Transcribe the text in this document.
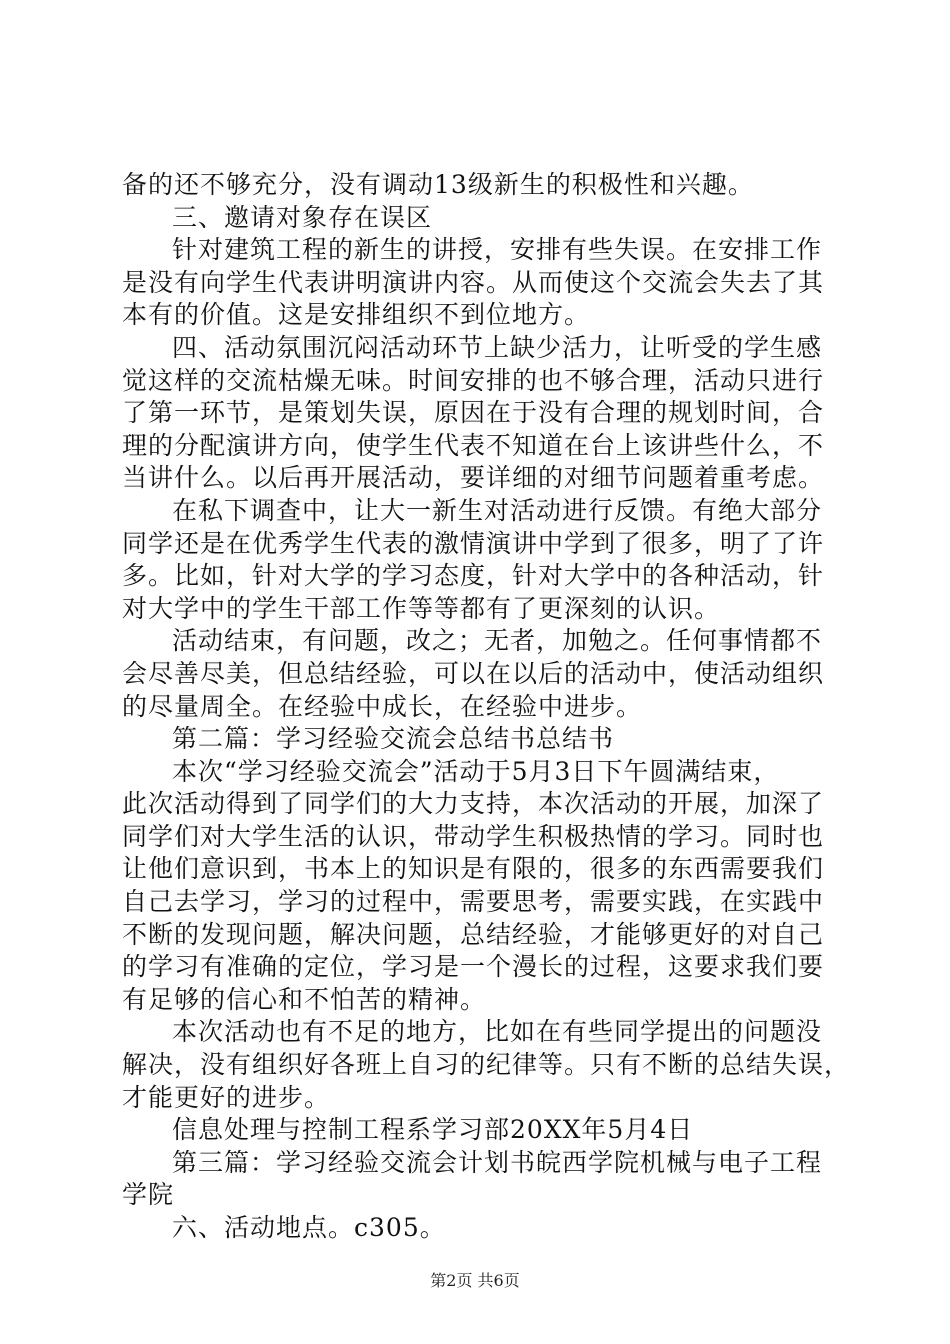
备的还不够充分，没有调动13级新生的积极性和兴趣。
三、邀请对象存在误区
针对建筑工程的新生的讲授，安排有些失误。在安排工作
是没有向学生代表讲明演讲内容。从而使这个交流会失去了其
本有的价值。这是安排组织不到位地方。
四、活动氛围沉闷活动环节上缺少活力，让听受的学生感
觉这样的交流枯燥无味。时间安排的也不够合理，活动只进行
了第一环节，是策划失误，原因在于没有合理的规划时间，合
理的分配演讲方向，使学生代表不知道在台上该讲些什么，不
当讲什么。以后再开展活动，要详细的对细节问题着重考虑。
在私下调查中，让大一新生对活动进行反馈。有绝大部分
同学还是在优秀学生代表的激情演讲中学到了很多，明了了许
多。比如，针对大学的学习态度，针对大学中的各种活动，针
对大学中的学生干部工作等等都有了更深刻的认识。
活动结束，有问题，改之；无者，加勉之。任何事情都不
会尽善尽美，但总结经验，可以在以后的活动中，使活动组织
的尽量周全。在经验中成长，在经验中进步。
第二篇：学习经验交流会总结书总结书
本次“学习经验交流会”活动于5月3日下午圆满结束，
此次活动得到了同学们的大力支持，本次活动的开展，加深了
同学们对大学生活的认识，带动学生积极热情的学习。同时也
让他们意识到，书本上的知识是有限的，很多的东西需要我们
自己去学习，学习的过程中，需要思考，需要实践，在实践中
不断的发现问题，解决问题，总结经验，才能够更好的对自己
的学习有准确的定位，学习是一个漫长的过程，这要求我们要
有足够的信心和不怕苦的精神。
本次活动也有不足的地方，比如在有些同学提出的问题没
解决，没有组织好各班上自习的纪律等。只有不断的总结失误，
才能更好的进步。
信息处理与控制工程系学习部20XX年5月4日
第三篇：学习经验交流会计划书皖西学院机械与电子工程
学院
六、活动地点。c305。
第2页 共6页
